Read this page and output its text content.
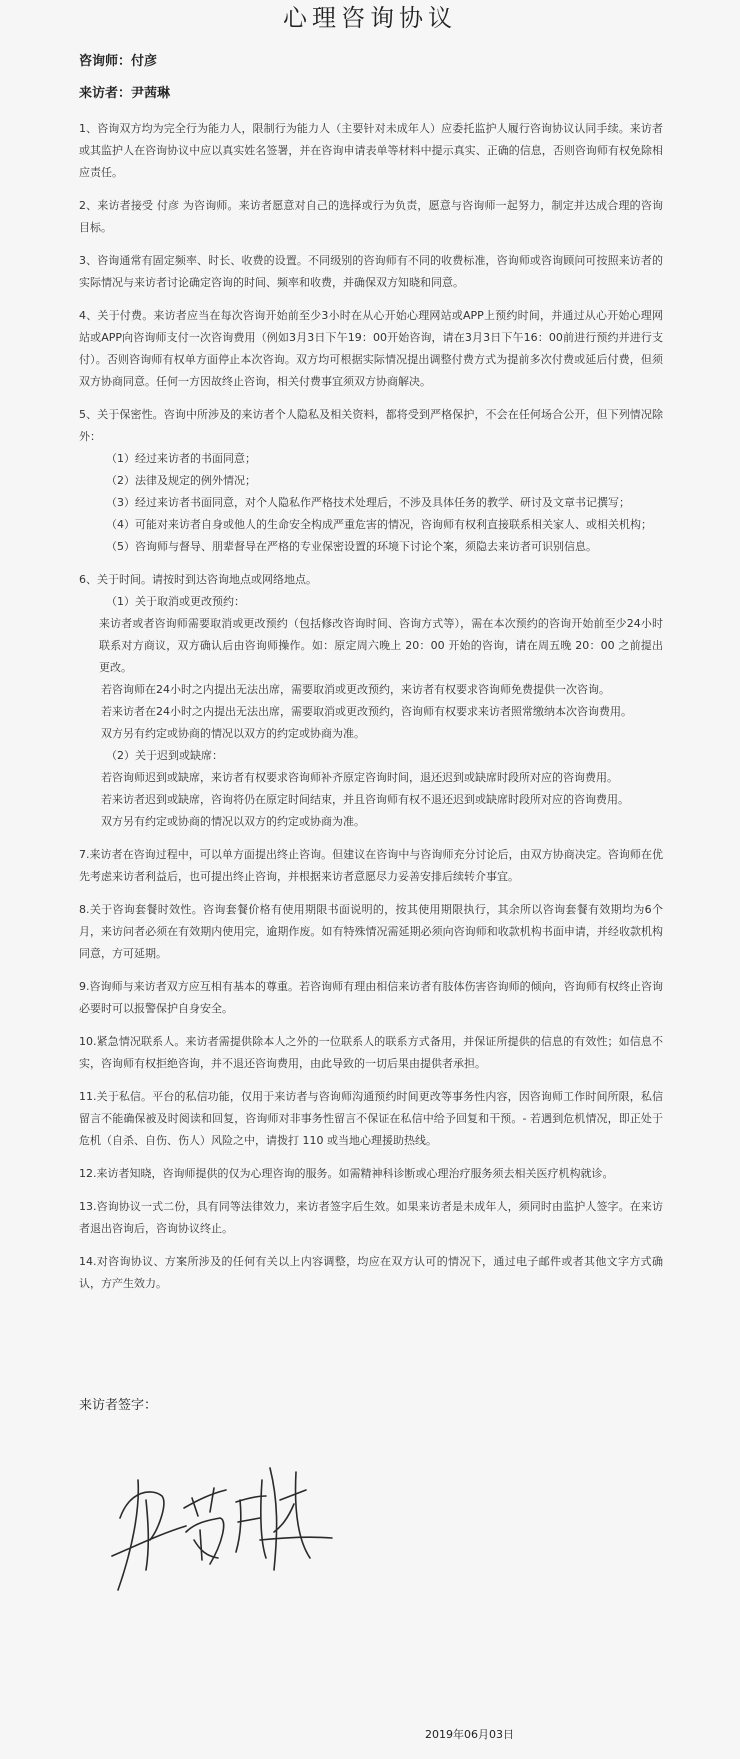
心理咨询协议

咨询师：付彦

来访者：尹茜琳

1、咨询双方均为完全行为能力人，限制行为能力人（主要针对未成年人）应委托监护人履行咨询协议认同手续。来访者或其监护人在咨询协议中应以真实姓名签署，并在咨询申请表单等材料中提示真实、正确的信息，否则咨询师有权免除相应责任。

2、来访者接受 付彦 为咨询师。来访者愿意对自己的选择或行为负责，愿意与咨询师一起努力，制定并达成合理的咨询目标。

3、咨询通常有固定频率、时长、收费的设置。不同级别的咨询师有不同的收费标准，咨询师或咨询顾问可按照来访者的实际情况与来访者讨论确定咨询的时间、频率和收费，并确保双方知晓和同意。

4、关于付费。来访者应当在每次咨询开始前至少3小时在从心开始心理网站或APP上预约时间，并通过从心开始心理网站或APP向咨询师支付一次咨询费用（例如3月3日下午19：00开始咨询，请在3月3日下午16：00前进行预约并进行支付）。否则咨询师有权单方面停止本次咨询。双方均可根据实际情况提出调整付费方式为提前多次付费或延后付费，但须双方协商同意。任何一方因故终止咨询，相关付费事宜须双方协商解决。

5、关于保密性。咨询中所涉及的来访者个人隐私及相关资料，都将受到严格保护，不会在任何场合公开，但下列情况除外：

（1）经过来访者的书面同意；

（2）法律及规定的例外情况；

（3）经过来访者书面同意，对个人隐私作严格技术处理后，不涉及具体任务的教学、研讨及文章书记撰写；

（4）可能对来访者自身或他人的生命安全构成严重危害的情况，咨询师有权利直接联系相关家人、或相关机构；

（5）咨询师与督导、朋辈督导在严格的专业保密设置的环境下讨论个案，须隐去来访者可识别信息。

6、关于时间。请按时到达咨询地点或网络地点。

（1）关于取消或更改预约：

来访者或者咨询师需要取消或更改预约（包括修改咨询时间、咨询方式等），需在本次预约的咨询开始前至少24小时联系对方商议，双方确认后由咨询师操作。如：原定周六晚上 20：00 开始的咨询，请在周五晚 20：00 之前提出更改。

若咨询师在24小时之内提出无法出席，需要取消或更改预约，来访者有权要求咨询师免费提供一次咨询。

若来访者在24小时之内提出无法出席，需要取消或更改预约，咨询师有权要求来访者照常缴纳本次咨询费用。

双方另有约定或协商的情况以双方的约定或协商为准。

（2）关于迟到或缺席：

若咨询师迟到或缺席，来访者有权要求咨询师补齐原定咨询时间，退还迟到或缺席时段所对应的咨询费用。

若来访者迟到或缺席，咨询将仍在原定时间结束，并且咨询师有权不退还迟到或缺席时段所对应的咨询费用。

双方另有约定或协商的情况以双方的约定或协商为准。

7.来访者在咨询过程中，可以单方面提出终止咨询。但建议在咨询中与咨询师充分讨论后，由双方协商决定。咨询师在优先考虑来访者利益后，也可提出终止咨询，并根据来访者意愿尽力妥善安排后续转介事宜。

8.关于咨询套餐时效性。咨询套餐价格有使用期限书面说明的，按其使用期限执行，其余所以咨询套餐有效期均为6个月，来访问者必须在有效期内使用完，逾期作废。如有特殊情况需延期必须向咨询师和收款机构书面申请，并经收款机构同意，方可延期。

9.咨询师与来访者双方应互相有基本的尊重。若咨询师有理由相信来访者有肢体伤害咨询师的倾向，咨询师有权终止咨询必要时可以报警保护自身安全。

10.紧急情况联系人。来访者需提供除本人之外的一位联系人的联系方式备用，并保证所提供的信息的有效性；如信息不实，咨询师有权拒绝咨询，并不退还咨询费用，由此导致的一切后果由提供者承担。

11.关于私信。平台的私信功能，仅用于来访者与咨询师沟通预约时间更改等事务性内容，因咨询师工作时间所限，私信留言不能确保被及时阅读和回复，咨询师对非事务性留言不保证在私信中给予回复和干预。- 若遇到危机情况，即正处于危机（自杀、自伤、伤人）风险之中，请拨打 110 或当地心理援助热线。

12.来访者知晓，咨询师提供的仅为心理咨询的服务。如需精神科诊断或心理治疗服务须去相关医疗机构就诊。

13.咨询协议一式二份，具有同等法律效力，来访者签字后生效。如果来访者是未成年人，须同时由监护人签字。在来访者退出咨询后，咨询协议终止。

14.对咨询协议、方案所涉及的任何有关以上内容调整，均应在双方认可的情况下，通过电子邮件或者其他文字方式确认，方产生效力。

来访者签字：
2019年06月03日
